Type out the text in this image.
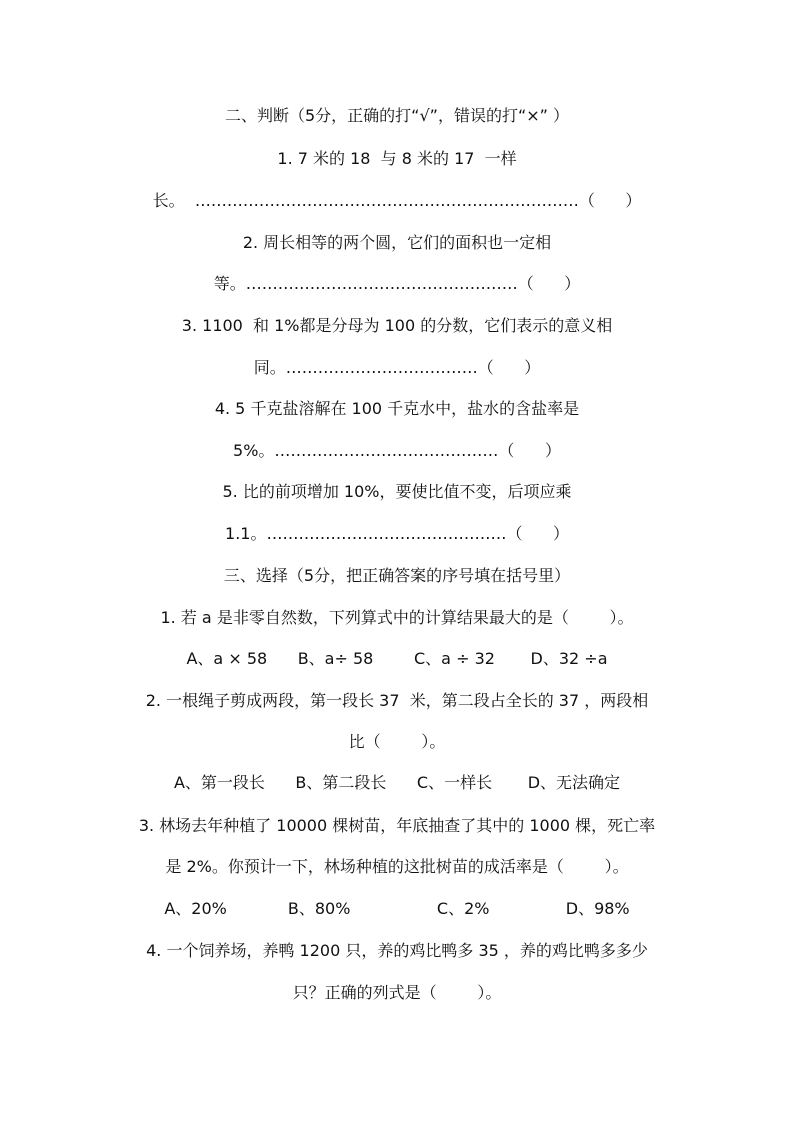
二、判断（5分，正确的打“√”，错误的打“×” ）
1. 7 米的 18  与 8 米的 17  一样
长。  ………………………………………………………………（      ）
2. 周长相等的两个圆，它们的面积也一定相
等。……………………………………………（      ）
3. 1100  和 1%都是分母为 100 的分数，它们表示的意义相
同。………………………………（      ）
4. 5 千克盐溶解在 100 千克水中，盐水的含盐率是
5%。……………………………………（      ）
5. 比的前项增加 10%，要使比值不变，后项应乘
1.1。………………………………………（      ）
三、选择（5分，把正确答案的序号填在括号里）
1. 若 a 是非零自然数，下列算式中的计算结果最大的是（        ）。
A、a × 58      B、a÷ 58        C、a ÷ 32       D、32 ÷a
2. 一根绳子剪成两段，第一段长 37  米，第二段占全长的 37 ，两段相
比（        ）。
A、第一段长      B、第二段长      C、一样长       D、无法确定
3. 林场去年种植了 10000 棵树苗，年底抽查了其中的 1000 棵，死亡率
是 2%。你预计一下，林场种植的这批树苗的成活率是（        ）。
A、20%            B、80%                 C、2%               D、98%
4. 一个饲养场，养鸭 1200 只，养的鸡比鸭多 35 ，养的鸡比鸭多多少
只？正确的列式是（        ）。
